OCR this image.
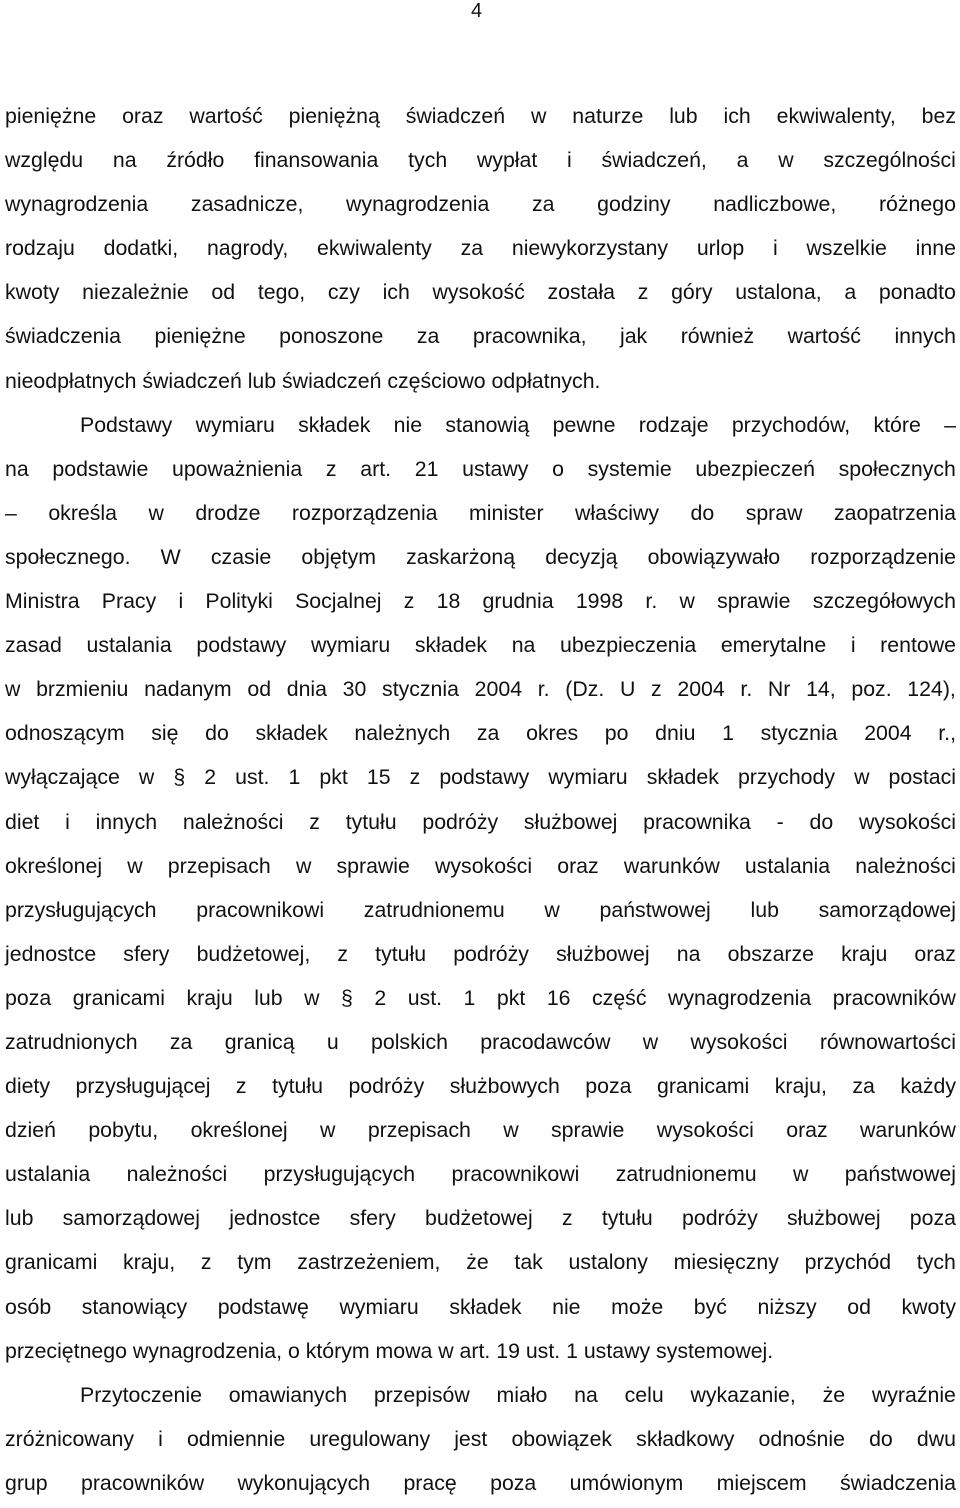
4
pieniężne oraz wartość pieniężną świadczeń w naturze lub ich ekwiwalenty, bez
względu na źródło finansowania tych wypłat i świadczeń, a w szczególności
wynagrodzenia zasadnicze, wynagrodzenia za godziny nadliczbowe, różnego
rodzaju dodatki, nagrody, ekwiwalenty za niewykorzystany urlop i wszelkie inne
kwoty niezależnie od tego, czy ich wysokość została z góry ustalona, a ponadto
świadczenia pieniężne ponoszone za pracownika, jak również wartość innych
nieodpłatnych świadczeń lub świadczeń częściowo odpłatnych.
Podstawy wymiaru składek nie stanowią pewne rodzaje przychodów, które –
na podstawie upoważnienia z art. 21 ustawy o systemie ubezpieczeń społecznych
– określa w drodze rozporządzenia minister właściwy do spraw zaopatrzenia
społecznego. W czasie objętym zaskarżoną decyzją obowiązywało rozporządzenie
Ministra Pracy i Polityki Socjalnej z 18 grudnia 1998 r. w sprawie szczegółowych
zasad ustalania podstawy wymiaru składek na ubezpieczenia emerytalne i rentowe
w brzmieniu nadanym od dnia 30 stycznia 2004 r. (Dz. U z 2004 r. Nr 14, poz. 124),
odnoszącym się do składek należnych za okres po dniu 1 stycznia 2004 r.,
wyłączające w § 2 ust. 1 pkt 15 z podstawy wymiaru składek przychody w postaci
diet i innych należności z tytułu podróży służbowej pracownika - do wysokości
określonej w przepisach w sprawie wysokości oraz warunków ustalania należności
przysługujących pracownikowi zatrudnionemu w państwowej lub samorządowej
jednostce sfery budżetowej, z tytułu podróży służbowej na obszarze kraju oraz
poza granicami kraju lub w § 2 ust. 1 pkt 16 część wynagrodzenia pracowników
zatrudnionych za granicą u polskich pracodawców w wysokości równowartości
diety przysługującej z tytułu podróży służbowych poza granicami kraju, za każdy
dzień pobytu, określonej w przepisach w sprawie wysokości oraz warunków
ustalania należności przysługujących pracownikowi zatrudnionemu w państwowej
lub samorządowej jednostce sfery budżetowej z tytułu podróży służbowej poza
granicami kraju, z tym zastrzeżeniem, że tak ustalony miesięczny przychód tych
osób stanowiący podstawę wymiaru składek nie może być niższy od kwoty
przeciętnego wynagrodzenia, o którym mowa w art. 19 ust. 1 ustawy systemowej.
Przytoczenie omawianych przepisów miało na celu wykazanie, że wyraźnie
zróżnicowany i odmiennie uregulowany jest obowiązek składkowy odnośnie do dwu
grup pracowników wykonujących pracę poza umówionym miejscem świadczenia
